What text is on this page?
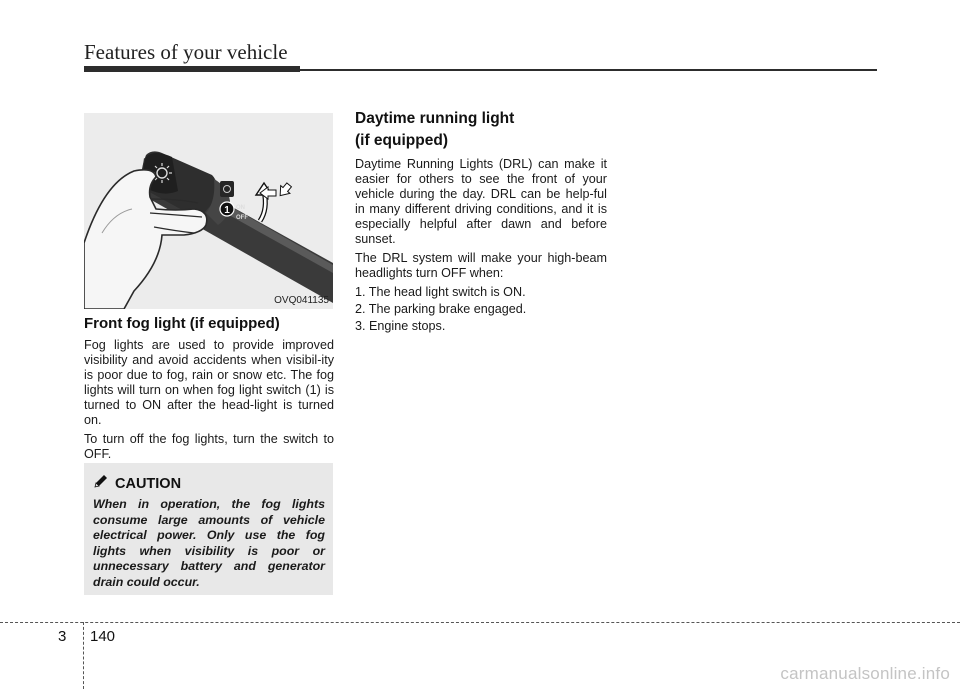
Features of your vehicle
ON
OFF
1
OVQ041135
Front fog light (if equipped)

Fog lights are used to provide improved visibility and avoid accidents when visibil-ity is poor due to fog, rain or snow etc. The fog lights will turn on when fog light switch (1) is turned to ON after the head-light is turned on.

To turn off the fog lights, turn the switch to OFF.

CAUTION

When in operation, the fog lights consume large amounts of vehicle electrical power. Only use the fog lights when visibility is poor or unnecessary battery and generator drain could occur.

Daytime running light
(if equipped)

Daytime Running Lights (DRL) can make it easier for others to see the front of your vehicle during the day. DRL can be help-ful in many different driving conditions, and it is especially helpful after dawn and before sunset.

The DRL system will make your high-beam headlights turn OFF when:

1. The head light switch is ON.
2. The parking brake engaged.
3. Engine stops.
3 140
carmanualsonline.info
